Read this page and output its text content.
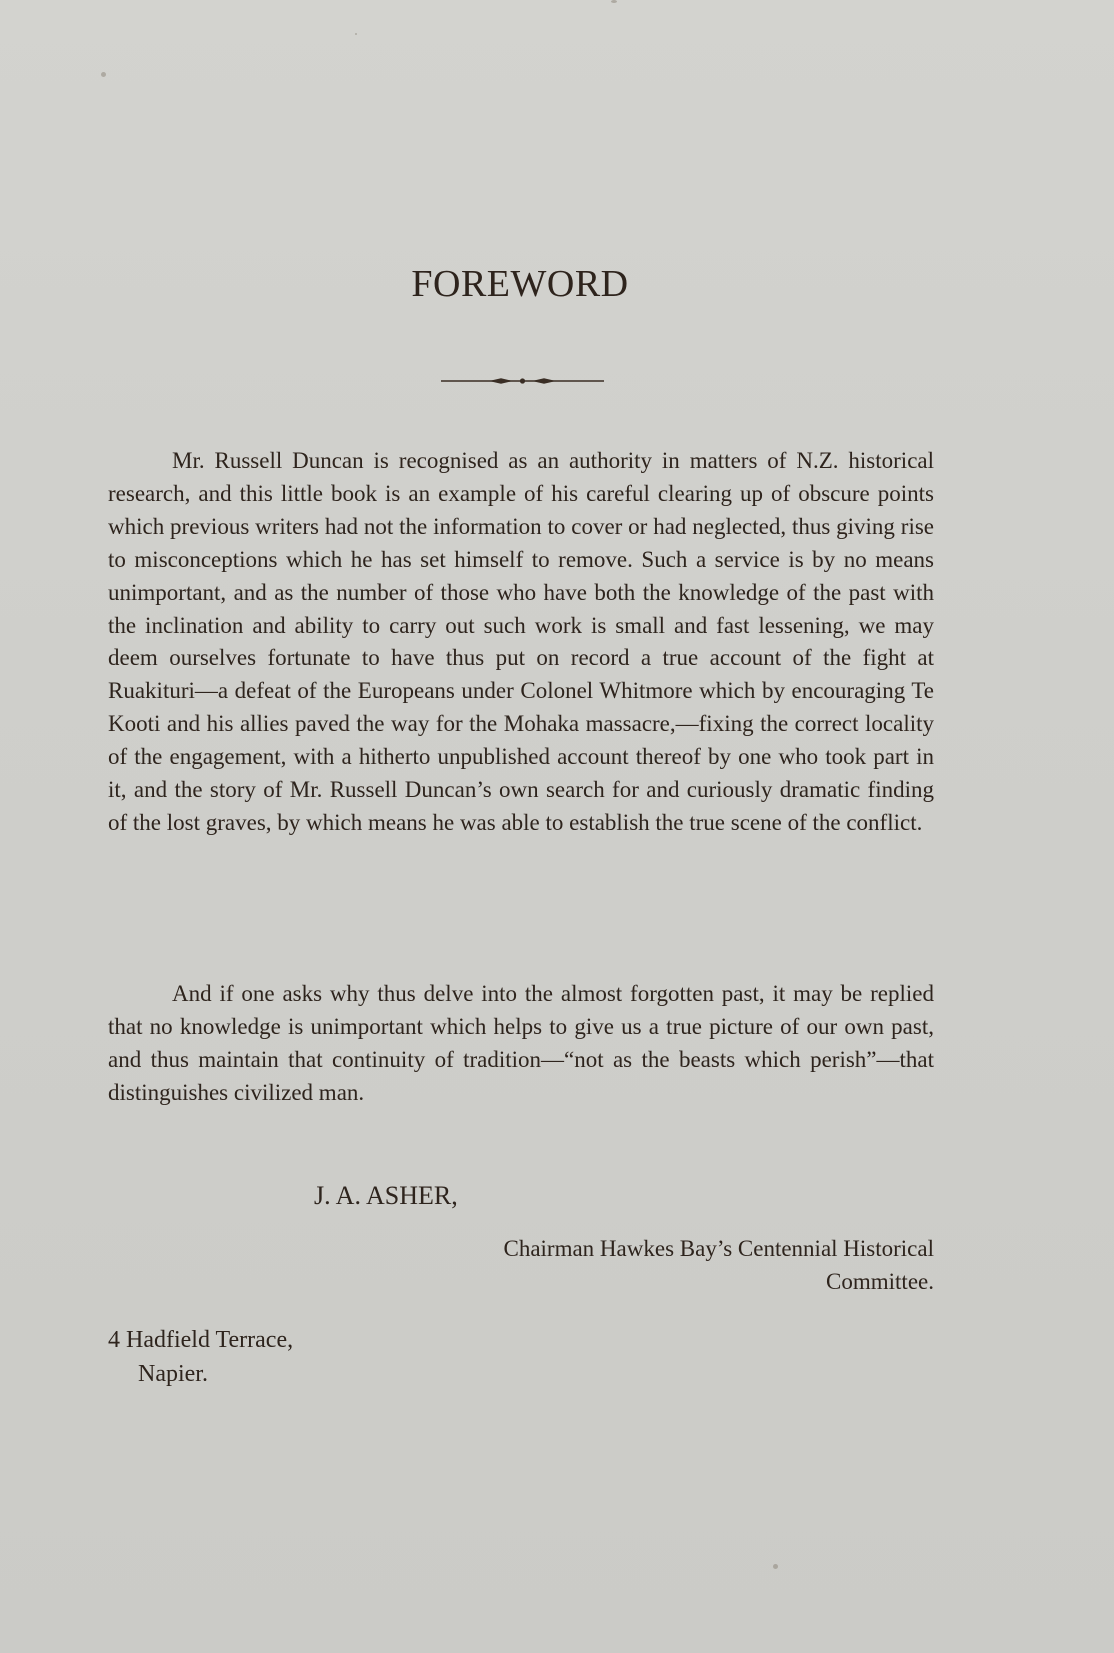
FOREWORD

Mr. Russell Duncan is recognised as an authority in matters of N.Z. historical research, and this little book is an example of his careful clearing up of obscure points which previous writers had not the information to cover or had neglected, thus giving rise to misconceptions which he has set himself to remove. Such a service is by no means unimportant, and as the number of those who have both the knowledge of the past with the inclination and ability to carry out such work is small and fast lessening, we may deem ourselves fortunate to have thus put on record a true account of the fight at Ruakituri—a defeat of the Europeans under Colonel Whitmore which by encouraging Te Kooti and his allies paved the way for the Mohaka massacre,—fixing the correct locality of the engagement, with a hitherto unpublished account thereof by one who took part in it, and the story of Mr. Russell Duncan’s own search for and curiously dramatic finding of the lost graves, by which means he was able to establish the true scene of the conflict.

And if one asks why thus delve into the almost forgotten past, it may be replied that no knowledge is unimportant which helps to give us a true picture of our own past, and thus maintain that continuity of tradition—“not as the beasts which perish”—that distinguishes civilized man.

J. A. ASHER,

Chairman Hawkes Bay’s Centennial Historical
Committee.

4 Hadfield Terrace,

Napier.
